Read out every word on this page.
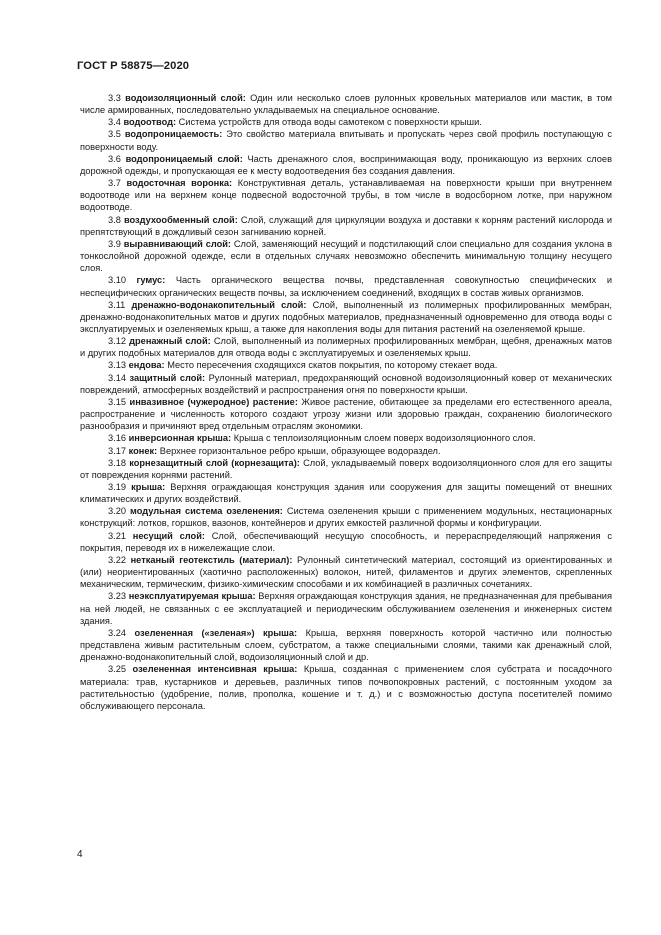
ГОСТ Р 58875—2020

3.3 водоизоляционный слой: Один или несколько слоев рулонных кровельных материалов или мастик, в том числе армированных, последовательно укладываемых на специальное основание.

3.4 водоотвод: Система устройств для отвода воды самотеком с поверхности крыши.

3.5 водопроницаемость: Это свойство материала впитывать и пропускать через свой профиль поступающую с поверхности воду.

3.6 водопроницаемый слой: Часть дренажного слоя, воспринимающая воду, проникающую из верхних слоев дорожной одежды, и пропускающая ее к месту водоотведения без создания давления.

3.7 водосточная воронка: Конструктивная деталь, устанавливаемая на поверхности крыши при внутреннем водоотводе или на верхнем конце подвесной водосточной трубы, в том числе в водосборном лотке, при наружном водоотводе.

3.8 воздухообменный слой: Слой, служащий для циркуляции воздуха и доставки к корням растений кислорода и препятствующий в дождливый сезон загниванию корней.

3.9 выравнивающий слой: Слой, заменяющий несущий и подстилающий слои специально для создания уклона в тонкослойной дорожной одежде, если в отдельных случаях невозможно обеспечить минимальную толщину несущего слоя.

3.10 гумус: Часть органического вещества почвы, представленная совокупностью специфических и неспецифических органических веществ почвы, за исключением соединений, входящих в состав живых организмов.

3.11 дренажно-водонакопительный слой: Слой, выполненный из полимерных профилированных мембран, дренажно-водонакопительных матов и других подобных материалов, предназначенный одновременно для отвода воды с эксплуатируемых и озеленяемых крыш, а также для накопления воды для питания растений на озеленяемой крыше.

3.12 дренажный слой: Слой, выполненный из полимерных профилированных мембран, щебня, дренажных матов и других подобных материалов для отвода воды с эксплуатируемых и озеленяемых крыш.

3.13 ендова: Место пересечения сходящихся скатов покрытия, по которому стекает вода.

3.14 защитный слой: Рулонный материал, предохраняющий основной водоизоляционный ковер от механических повреждений, атмосферных воздействий и распространения огня по поверхности крыши.

3.15 инвазивное (чужеродное) растение: Живое растение, обитающее за пределами его естественного ареала, распространение и численность которого создают угрозу жизни или здоровью граждан, сохранению биологического разнообразия и причиняют вред отдельным отраслям экономики.

3.16 инверсионная крыша: Крыша с теплоизоляционным слоем поверх водоизоляционного слоя.

3.17 конек: Верхнее горизонтальное ребро крыши, образующее водораздел.

3.18 корнезащитный слой (корнезащита): Слой, укладываемый поверх водоизоляционного слоя для его защиты от повреждения корнями растений.

3.19 крыша: Верхняя ограждающая конструкция здания или сооружения для защиты помещений от внешних климатических и других воздействий.

3.20 модульная система озеленения: Система озеленения крыши с применением модульных, нестационарных конструкций: лотков, горшков, вазонов, контейнеров и других емкостей различной формы и конфигурации.

3.21 несущий слой: Слой, обеспечивающий несущую способность, и перераспределяющий напряжения с покрытия, переводя их в нижележащие слои.

3.22 нетканый геотекстиль (материал): Рулонный синтетический материал, состоящий из ориентированных и (или) неориентированных (хаотично расположенных) волокон, нитей, филаментов и других элементов, скрепленных механическим, термическим, физико-химическим способами и их комбинацией в различных сочетаниях.

3.23 неэксплуатируемая крыша: Верхняя ограждающая конструкция здания, не предназначенная для пребывания на ней людей, не связанных с ее эксплуатацией и периодическим обслуживанием озеленения и инженерных систем здания.

3.24 озелененная («зеленая») крыша: Крыша, верхняя поверхность которой частично или полностью представлена живым растительным слоем, субстратом, а также специальными слоями, такими как дренажный слой, дренажно-водонакопительный слой, водоизоляционный слой и др.

3.25 озелененная интенсивная крыша: Крыша, созданная с применением слоя субстрата и посадочного материала: трав, кустарников и деревьев, различных типов почвопокровных растений, с постоянным уходом за растительностью (удобрение, полив, прополка, кошение и т. д.) и с возможностью доступа посетителей помимо обслуживающего персонала.

4
